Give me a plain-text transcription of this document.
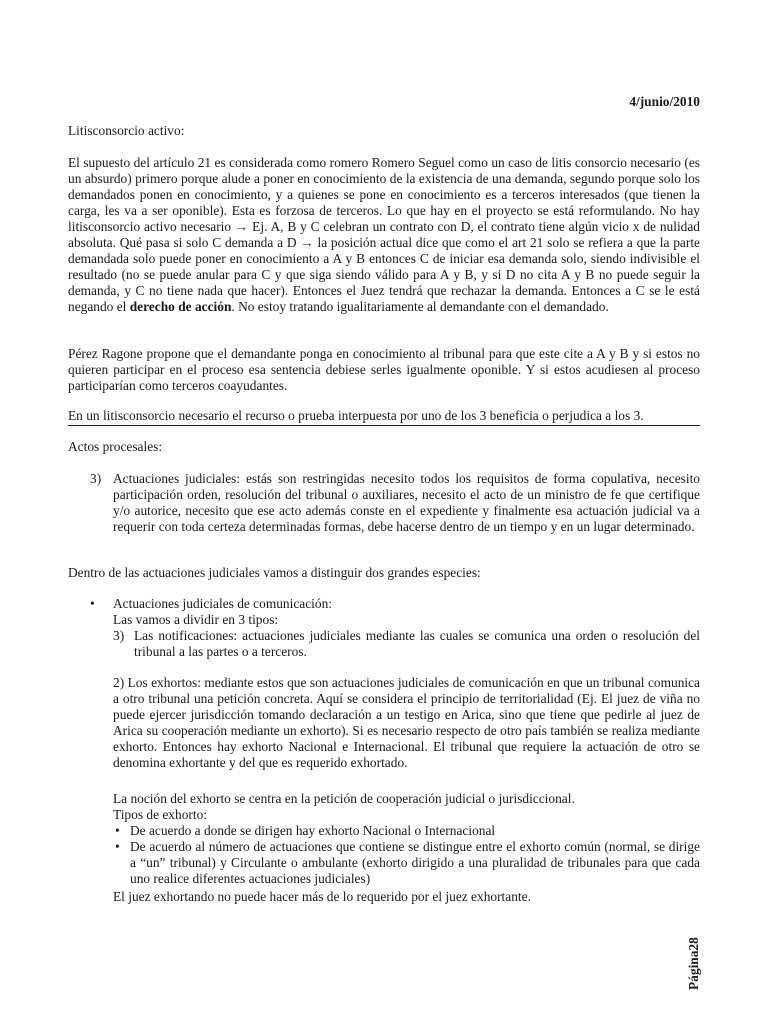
4/junio/2010

Litisconsorcio activo:

El supuesto del artículo 21 es considerada como romero Romero Seguel como un caso de litis consorcio necesario (es un absurdo) primero porque alude a poner en conocimiento de la existencia de una demanda, segundo porque solo los demandados ponen en conocimiento, y a quienes se pone en conocimiento es a terceros interesados (que tienen la carga, les va a ser oponible). Esta es forzosa de terceros. Lo que hay en el proyecto se está reformulando. No hay litisconsorcio activo necesario → Ej. A, B y C celebran un contrato con D, el contrato tiene algún vicio x de nulidad absoluta. Qué pasa si solo C demanda a D → la posición actual dice que como el art 21 solo se refiera a que la parte demandada solo puede poner en conocimiento a A y B entonces C de iniciar esa demanda solo, siendo indivisible el resultado (no se puede anular para C y que siga siendo válido para A y B, y si D no cita A y B no puede seguir la demanda, y C no tiene nada que hacer). Entonces el Juez tendrá que rechazar la demanda. Entonces a C se le está negando el derecho de acción. No estoy tratando igualitariamente al demandante con el demandado.

Pérez Ragone propone que el demandante ponga en conocimiento al tribunal para que este cite a A y B y si estos no quieren participar en el proceso esa sentencia debiese serles igualmente oponible. Y si estos acudiesen al proceso participarían como terceros coayudantes.

En un litisconsorcio necesario el recurso o prueba interpuesta por uno de los 3 beneficia o perjudica a los 3.

Actos procesales:

3) Actuaciones judiciales: estás son restringidas necesito todos los requisitos de forma copulativa, necesito participación orden, resolución del tribunal o auxiliares, necesito el acto de un ministro de fe que certifique y/o autorice, necesito que ese acto además conste en el expediente y finalmente esa actuación judicial va a requerir con toda certeza determinadas formas, debe hacerse dentro de un tiempo y en un lugar determinado.

Dentro de las actuaciones judiciales vamos a distinguir dos grandes especies:

• Actuaciones judiciales de comunicación:

Las vamos a dividir en 3 tipos:

3) Las notificaciones: actuaciones judiciales mediante las cuales se comunica una orden o resolución del tribunal a las partes o a terceros.

2) Los exhortos: mediante estos que son actuaciones judiciales de comunicación en que un tribunal comunica a otro tribunal una petición concreta. Aquí se considera el principio de territorialidad (Ej. El juez de viña no puede ejercer jurisdicción tomando declaración a un testigo en Arica, sino que tiene que pedirle al juez de Arica su cooperación mediante un exhorto). Si es necesario respecto de otro país también se realiza mediante exhorto. Entonces hay exhorto Nacional e Internacional. El tribunal que requiere la actuación de otro se denomina exhortante y del que es requerido exhortado.

La noción del exhorto se centra en la petición de cooperación judicial o jurisdiccional.

Tipos de exhorto:

• De acuerdo a donde se dirigen hay exhorto Nacional o Internacional

• De acuerdo al número de actuaciones que contiene se distingue entre el exhorto común (normal, se dirige a “un” tribunal) y Circulante o ambulante (exhorto dirigido a una pluralidad de tribunales para que cada uno realice diferentes actuaciones judiciales)

El juez exhortando no puede hacer más de lo requerido por el juez exhortante.

Página28
